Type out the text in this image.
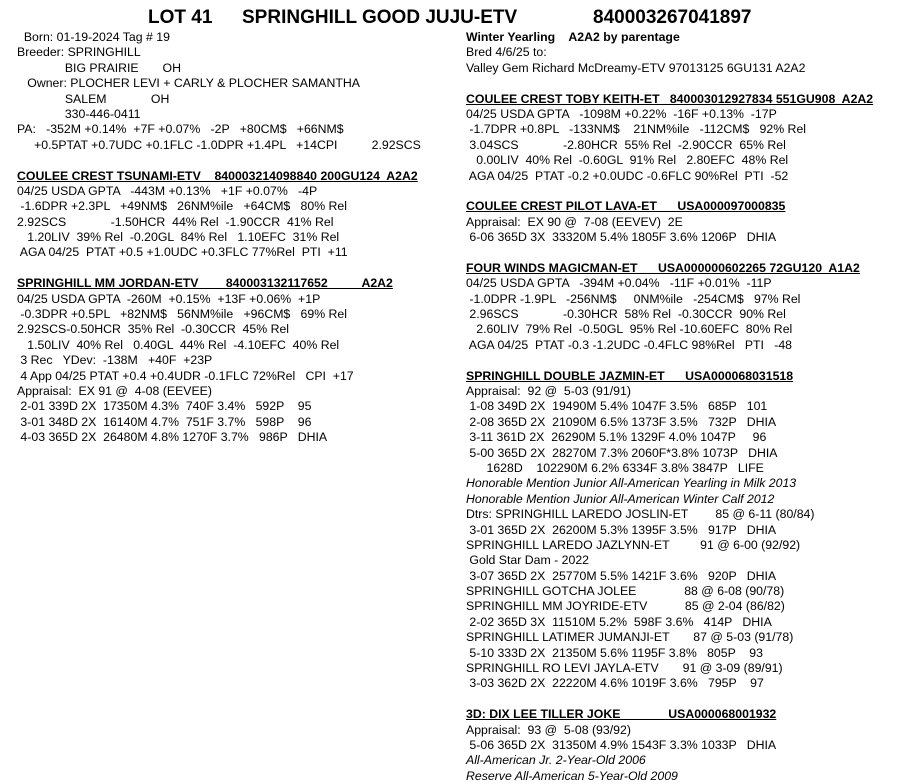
LOT 41 SPRINGHILL GOOD JUJU-ETV	840003267041897
Born: 01-19-2024 Tag # 19
Breeder: SPRINGHILL
BIG PRAIRIE       OH
Owner: PLOCHER LEVI + CARLY & PLOCHER SAMANTHA
SALEM             OH
330-446-0411
PA:   -352M +0.14%  +7F +0.07%   -2P   +80CM$   +66NM$
+0.5PTAT +0.7UDC +0.1FLC -1.0DPR +1.4PL   +14CPI          2.92SCS
COULEE CREST TSUNAMI-ETV    840003214098840 200GU124  A2A2
04/25 USDA GPTA   -443M +0.13%   +1F +0.07%   -4P
-1.6DPR +2.3PL   +49NM$   26NM%ile   +64CM$   80% Rel
2.92SCS             -1.50HCR  44% Rel  -1.90CCR  41% Rel
1.20LIV  39% Rel  -0.20GL  84% Rel   1.10EFC  31% Rel
AGA 04/25  PTAT +0.5 +1.0UDC +0.3FLC 77%Rel  PTI  +11
SPRINGHILL MM JORDAN-ETV        840003132117652          A2A2
04/25 USDA GPTA  -260M  +0.15%  +13F +0.06%  +1P
-0.3DPR +0.5PL   +82NM$   56NM%ile   +96CM$   69% Rel
2.92SCS-0.50HCR  35% Rel  -0.30CCR  45% Rel
1.50LIV  40% Rel   0.40GL  44% Rel  -4.10EFC  40% Rel
3 Rec   YDev:  -138M   +40F  +23P
4 App 04/25 PTAT +0.4 +0.4UDR -0.1FLC 72%Rel   CPI  +17
Appraisal:  EX 91 @  4-08 (EEVEE)
2-01 339D 2X  17350M 4.3%  740F 3.4%   592P    95
3-01 348D 2X  16140M 4.7%  751F 3.7%   598P    96
4-03 365D 2X  26480M 4.8% 1270F 3.7%   986P   DHIA
Winter Yearling    A2A2 by parentage
Bred 4/6/25 to:
Valley Gem Richard McDreamy-ETV 97013125 6GU131 A2A2
COULEE CREST TOBY KEITH-ET   840003012927834 551GU908  A2A2
04/25 USDA GPTA   -1098M +0.22%  -16F +0.13%  -17P
-1.7DPR +0.8PL   -133NM$    21NM%ile   -112CM$   92% Rel
3.04SCS             -2.80HCR  55% Rel  -2.90CCR  65% Rel
0.00LIV  40% Rel  -0.60GL  91% Rel   2.80EFC  48% Rel
AGA 04/25  PTAT -0.2 +0.0UDC -0.6FLC 90%Rel  PTI  -52
COULEE CREST PILOT LAVA-ET      USA000097000835
Appraisal:  EX 90 @  7-08 (EEVEV)  2E
6-06 365D 3X  33320M 5.4% 1805F 3.6% 1206P   DHIA
FOUR WINDS MAGICMAN-ET      USA000000602265 72GU120  A1A2
04/25 USDA GPTA   -394M +0.04%   -11F +0.01%  -11P
-1.0DPR -1.9PL   -256NM$     0NM%ile   -254CM$   97% Rel
2.96SCS             -0.30HCR  58% Rel  -0.30CCR  90% Rel
2.60LIV  79% Rel  -0.50GL  95% Rel -10.60EFC  80% Rel
AGA 04/25  PTAT -0.3 -1.2UDC -0.4FLC 98%Rel   PTI   -48
SPRINGHILL DOUBLE JAZMIN-ET      USA000068031518
Appraisal:  92 @  5-03 (91/91)
1-08 349D 2X  19490M 5.4% 1047F 3.5%   685P   101
2-08 365D 2X  21090M 6.5% 1373F 3.5%   732P   DHIA
3-11 361D 2X  26290M 5.1% 1329F 4.0% 1047P     96
5-00 365D 2X  28270M 7.3% 2060F*3.8% 1073P   DHIA
1628D    102290M 6.2% 6334F 3.8% 3847P   LIFE
Honorable Mention Junior All-American Yearling in Milk 2013
Honorable Mention Junior All-American Winter Calf 2012
Dtrs: SPRINGHILL LAREDO JOSLIN-ET        85 @ 6-11 (80/84)
3-01 365D 2X  26200M 5.3% 1395F 3.5%   917P   DHIA
SPRINGHILL LAREDO JAZLYNN-ET         91 @ 6-00 (92/92)
Gold Star Dam - 2022
3-07 365D 2X  25770M 5.5% 1421F 3.6%   920P   DHIA
SPRINGHILL GOTCHA JOLEE              88 @ 6-08 (90/78)
SPRINGHILL MM JOYRIDE-ETV           85 @ 2-04 (86/82)
2-02 365D 3X  11510M 5.2%  598F 3.6%   414P   DHIA
SPRINGHILL LATIMER JUMANJI-ET       87 @ 5-03 (91/78)
5-10 333D 2X  21350M 5.6% 1195F 3.8%   805P    93
SPRINGHILL RO LEVI JAYLA-ETV       91 @ 3-09 (89/91)
3-03 362D 2X  22220M 4.6% 1019F 3.6%   795P    97
3D: DIX LEE TILLER JOKE              USA000068001932
Appraisal:  93 @  5-08 (93/92)
5-06 365D 2X  31350M 4.9% 1543F 3.3% 1033P   DHIA
All-American Jr. 2-Year-Old 2006
Reserve All-American 5-Year-Old 2009
